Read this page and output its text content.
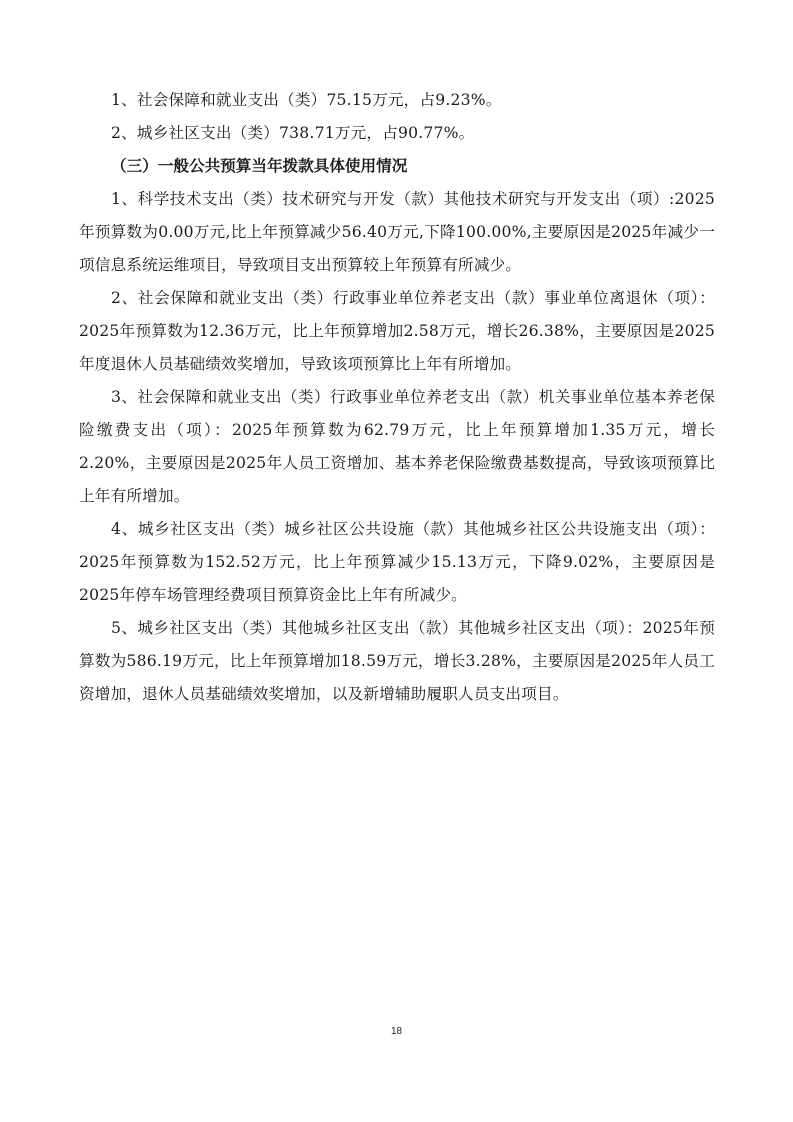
1、社会保障和就业支出（类）75.15万元，占9.23%。

2、城乡社区支出（类）738.71万元，占90.77%。

（三）一般公共预算当年拨款具体使用情况

1、科学技术支出（类）技术研究与开发（款）其他技术研究与开发支出（项）:2025年预算数为0.00万元,比上年预算减少56.40万元,下降100.00%,主要原因是2025年减少一项信息系统运维项目，导致项目支出预算较上年预算有所减少。

2、社会保障和就业支出（类）行政事业单位养老支出（款）事业单位离退休（项）：2025年预算数为12.36万元，比上年预算增加2.58万元，增长26.38%，主要原因是2025年度退休人员基础绩效奖增加，导致该项预算比上年有所增加。

3、社会保障和就业支出（类）行政事业单位养老支出（款）机关事业单位基本养老保险缴费支出（项）：2025年预算数为62.79万元，比上年预算增加1.35万元，增长2.20%，主要原因是2025年人员工资增加、基本养老保险缴费基数提高，导致该项预算比上年有所增加。

4、城乡社区支出（类）城乡社区公共设施（款）其他城乡社区公共设施支出（项）：2025年预算数为152.52万元，比上年预算减少15.13万元，下降9.02%，主要原因是2025年停车场管理经费项目预算资金比上年有所减少。

5、城乡社区支出（类）其他城乡社区支出（款）其他城乡社区支出（项）：2025年预算数为586.19万元，比上年预算增加18.59万元，增长3.28%，主要原因是2025年人员工资增加，退休人员基础绩效奖增加，以及新增辅助履职人员支出项目。

18
